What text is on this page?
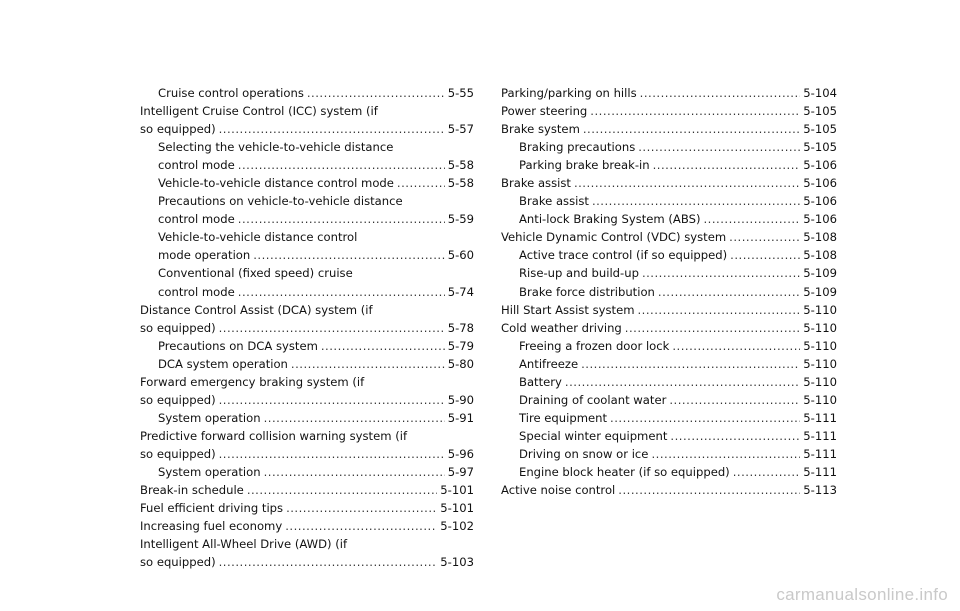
Cruise control operations .....	5-55
Intelligent Cruise Control (ICC) system (if
so equipped) .....	5-57
Selecting the vehicle-to-vehicle distance
control mode .....	5-58
Vehicle-to-vehicle distance control mode .....	5-58
Precautions on vehicle-to-vehicle distance
control mode .....	5-59
Vehicle-to-vehicle distance control
mode operation .....	5-60
Conventional (fixed speed) cruise
control mode .....	5-74
Distance Control Assist (DCA) system (if
so equipped) .....	5-78
Precautions on DCA system .....	5-79
DCA system operation .....	5-80
Forward emergency braking system (if
so equipped) .....	5-90
System operation .....	5-91
Predictive forward collision warning system (if
so equipped) .....	5-96
System operation .....	5-97
Break-in schedule .....	5-101
Fuel efficient driving tips .....	5-101
Increasing fuel economy .....	5-102
Intelligent All-Wheel Drive (AWD) (if
so equipped) .....	5-103
Parking/parking on hills .....	5-104
Power steering .....	5-105
Brake system .....	5-105
Braking precautions .....	5-105
Parking brake break-in .....	5-106
Brake assist .....	5-106
Brake assist .....	5-106
Anti-lock Braking System (ABS) .....	5-106
Vehicle Dynamic Control (VDC) system .....	5-108
Active trace control (if so equipped) .....	5-108
Rise-up and build-up .....	5-109
Brake force distribution .....	5-109
Hill Start Assist system .....	5-110
Cold weather driving .....	5-110
Freeing a frozen door lock .....	5-110
Antifreeze .....	5-110
Battery .....	5-110
Draining of coolant water .....	5-110
Tire equipment .....	5-111
Special winter equipment .....	5-111
Driving on snow or ice .....	5-111
Engine block heater (if so equipped) .....	5-111
Active noise control .....	5-113
carmanualsonline.info
